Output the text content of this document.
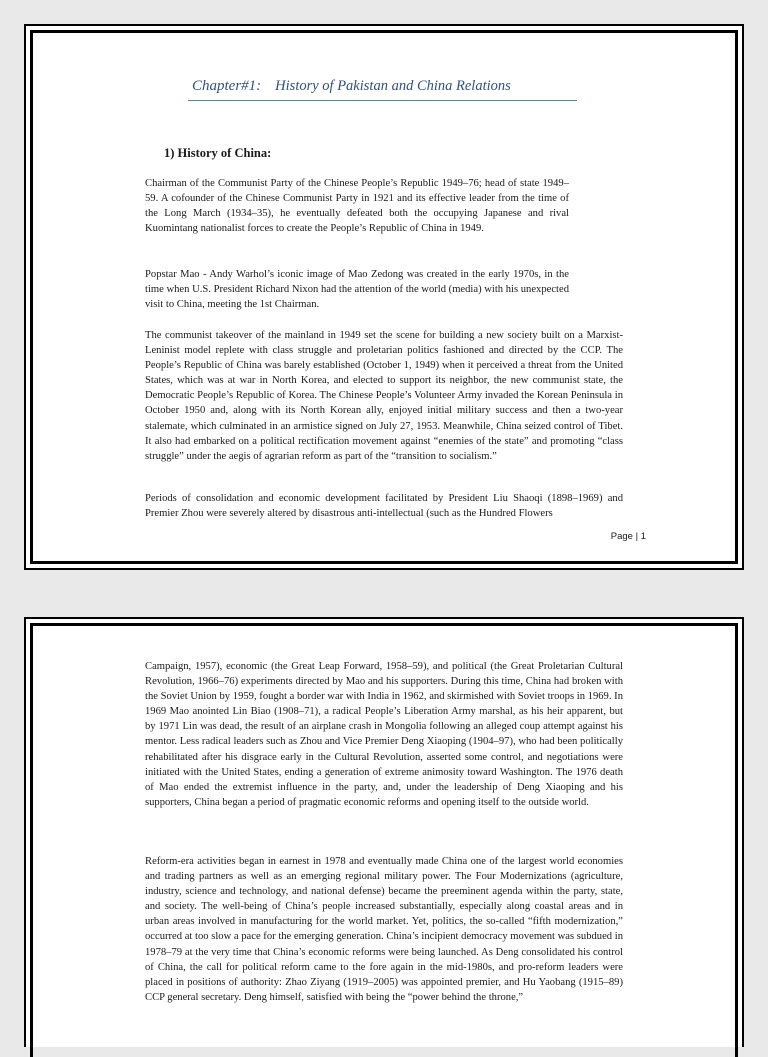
Chapter#1: History of Pakistan and China Relations
1) History of China:

Chairman of the Communist Party of the Chinese People’s Republic 1949–76; head of state 1949–59. A cofounder of the Chinese Communist Party in 1921 and its effective leader from the time of the Long March (1934–35), he eventually defeated both the occupying Japanese and rival Kuomintang nationalist forces to create the People’s Republic of China in 1949.

Popstar Mao - Andy Warhol’s iconic image of Mao Zedong was created in the early 1970s, in the time when U.S. President Richard Nixon had the attention of the world (media) with his unexpected visit to China, meeting the 1st Chairman.

The communist takeover of the mainland in 1949 set the scene for building a new society built on a Marxist-Leninist model replete with class struggle and proletarian politics fashioned and directed by the CCP. The People’s Republic of China was barely established (October 1, 1949) when it perceived a threat from the United States, which was at war in North Korea, and elected to support its neighbor, the new communist state, the Democratic People’s Republic of Korea. The Chinese People’s Volunteer Army invaded the Korean Peninsula in October 1950 and, along with its North Korean ally, enjoyed initial military success and then a two-year stalemate, which culminated in an armistice signed on July 27, 1953. Meanwhile, China seized control of Tibet. It also had embarked on a political rectification movement against “enemies of the state” and promoting “class struggle” under the aegis of agrarian reform as part of the “transition to socialism.”

Periods of consolidation and economic development facilitated by President Liu Shaoqi (1898–1969) and Premier Zhou were severely altered by disastrous anti-intellectual (such as the Hundred Flowers

Page | 1

Campaign, 1957), economic (the Great Leap Forward, 1958–59), and political (the Great Proletarian Cultural Revolution, 1966–76) experiments directed by Mao and his supporters. During this time, China had broken with the Soviet Union by 1959, fought a border war with India in 1962, and skirmished with Soviet troops in 1969. In 1969 Mao anointed Lin Biao (1908–71), a radical People’s Liberation Army marshal, as his heir apparent, but by 1971 Lin was dead, the result of an airplane crash in Mongolia following an alleged coup attempt against his mentor. Less radical leaders such as Zhou and Vice Premier Deng Xiaoping (1904–97), who had been politically rehabilitated after his disgrace early in the Cultural Revolution, asserted some control, and negotiations were initiated with the United States, ending a generation of extreme animosity toward Washington. The 1976 death of Mao ended the extremist influence in the party, and, under the leadership of Deng Xiaoping and his supporters, China began a period of pragmatic economic reforms and opening itself to the outside world.

Reform-era activities began in earnest in 1978 and eventually made China one of the largest world economies and trading partners as well as an emerging regional military power. The Four Modernizations (agriculture, industry, science and technology, and national defense) became the preeminent agenda within the party, state, and society. The well-being of China’s people increased substantially, especially along coastal areas and in urban areas involved in manufacturing for the world market. Yet, politics, the so-called “fifth modernization,” occurred at too slow a pace for the emerging generation. China’s incipient democracy movement was subdued in 1978–79 at the very time that China’s economic reforms were being launched. As Deng consolidated his control of China, the call for political reform came to the fore again in the mid-1980s, and pro-reform leaders were placed in positions of authority: Zhao Ziyang (1919–2005) was appointed premier, and Hu Yaobang (1915–89) CCP general secretary. Deng himself, satisfied with being the “power behind the throne,”
